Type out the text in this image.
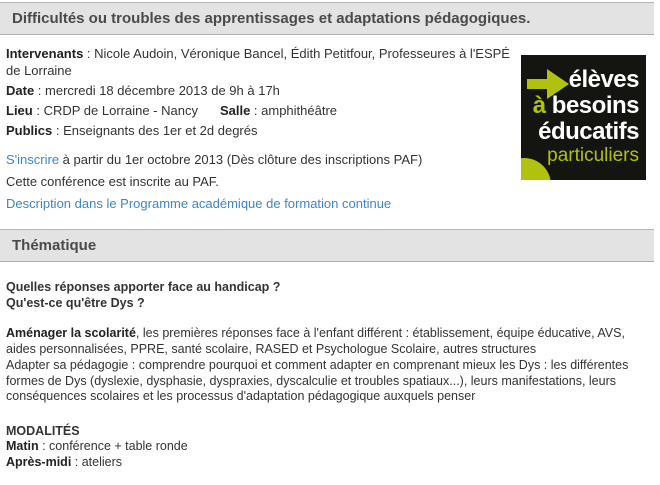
Difficultés ou troubles des apprentissages et adaptations pédagogiques.

Intervenants : Nicole Audoin, Véronique Bancel, Édith Petitfour, Professeures à l'ESPÉ de Lorraine

Date : mercredi 18 décembre 2013 de 9h à 17h

Lieu : CRDP de Lorraine - Nancy Salle : amphithéâtre

Publics : Enseignants des 1er et 2d degrés

S'inscrire à partir du 1er octobre 2013 (Dès clôture des inscriptions PAF)

Cette conférence est inscrite au PAF.

Description dans le Programme académique de formation continue

élèves
à besoins
éducatifs
particuliers
Thématique
Quelles réponses apporter face au handicap ?
Qu'est-ce qu'être Dys ?

Aménager la scolarité, les premières réponses face à l'enfant différent : établissement, équipe éducative, AVS, aides personnalisées, PPRE, santé scolaire, RASED et Psychologue Scolaire, autres structures

Adapter sa pédagogie : comprendre pourquoi et comment adapter en comprenant mieux les Dys : les différentes formes de Dys (dyslexie, dysphasie, dyspraxies, dyscalculie et troubles spatiaux...), leurs manifestations, leurs conséquences scolaires et les processus d'adaptation pédagogique auxquels penser

MODALITÉS
Matin : conférence + table ronde
Après-midi : ateliers
